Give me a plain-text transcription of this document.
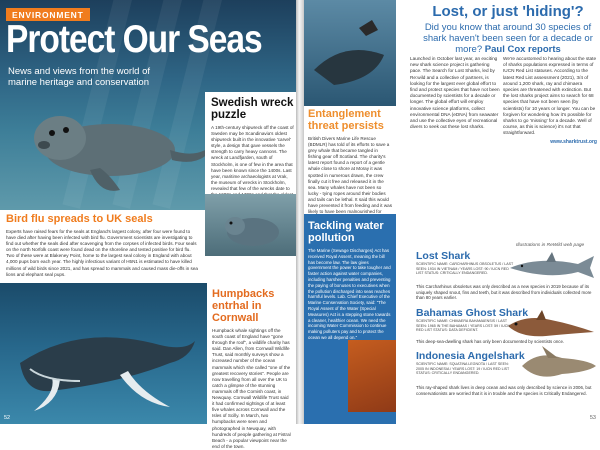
ENVIRONMENT
Protect Our Seas
News and views from the world of marine heritage and conservation
Swedish wreck puzzle
A 19th-century shipwreck off the coast of Sweden may be Scandinavia's oldest shipwreck built in the innovative 'carvel' style, a design that gave vessels the strength to carry heavy cannons. The wreck at Landfjarden, south of Stockholm, is one of few in the area that have been known since the 1400s. Last year, maritime archaeologists at Vrak, the museum of wrecks in Stockholm, revealed that few of the wrecks date to
Bird flu spreads to UK seals
Experts have raised fears for the seals at England's largest colony, after four were found to have died after having been infected with bird flu. Government scientists are investigating to find out whether the seals died after scavenging from the corpses of infected birds. Four seals on the north Norfolk coast were found dead on the shoreline and tested positive for bird flu. Two of these were at Blakeney Point, home to the largest seal colony in England with about 4,000 pups born each year. The highly infectious variant of H5N1 is estimated to have killed millions of wild birds since 2021, and has spread to mammals and caused mass die-offs in sea lions and elephant seal pups.
52
Humpbacks entrhal in Cornwall
Humpback whale sightings off the south coast of England have "gone through the roof", a wildlife charity has said. Dan Allen, from Cornwall Wildlife Trust, said monthly surveys show a increased number of the ocean mammals which she called "one of the greatest recovery stories". People are now travelling from all over the UK to catch a glimpse of the stunning mammals off the Cornish coast, in Newquay. Cornwall Wildlife Trust said it had confirmed sightings of at least five whales across Cornwall and the Isles of Scilly. In March, two humpbacks were seen and photographed in Newquay, with hundreds of people gathering at Fistral Beach - a popular viewpoint near the end of the town.
Entanglement threat persists
British Divers Marine Life Rescue (BDMLR) has told of its efforts to save a grey whale that became tangled in fishing gear off Scotland. The charity's latest report found a report of a gentle whale close to shore at Moray it was spotted in numerous drawn, the crew finally cut it free and released it in the sea. Many whales have not been so lucky - tying ropes around their bodies and tails can be lethal. It said this would have prevented it from feeding and it was likely to have been malnourished for
Tackling water pollution
The Marine (Sewage Discharges) Act has received Royal Assent, meaning the bill has become law. The law gives government the power to take tougher and faster action against water companies, including harsher penalties and preventing the paying of bonuses to executives when the pollution discharged into seas reaches harmful levels. Lab. Chief Executive of the Marine Conservation Society, said: "The Royal Assent of the Water (Special Measures) Act is a stepping stone towards a cleaner, healthier ocean. We need the incoming Water Commission to continue making polluters pay and to protect the ocean we all depend on."
Lost, or just 'hiding'?
Did you know that around 30 species of shark haven't been seen for a decade or more? Paul Cox reports
Launched in October last year, an exciting new shark science project is gathering pace. The Search for Lost Sharks, led by Re:wild and a collective of partners, is looking for the largest ever global effort to find and protect species that have not been documented by scientists for a decade or longer. The global effort will employ innovative science platforms, collect environmental DNA (eDNA) from seawater and use the collective eyes of recreational divers to seek out these lost sharks.
We're accustomed to hearing about the state of sharks populations expressed in terms of IUCN Red List statuses. According to the latest Red List assessment (2021), 3/4 of around 1,200 shark, ray and chimaera species are threatened with extinction. But the lost sharks project aims to search for 68 species that have not been seen (by scientists) for 10 years or longer. You can be forgiven for wondering how it's possible for sharks to go 'missing' for a decade. Well of course, as this is science) it's not that straightforward.
www.sharktrust.org
Illustrations in ReWild web page
Lost Shark
SCIENTIFIC NAME: CARCHARHINUS OBSOLETUS / LAST SEEN: 1934 IN VIETNAM / YEARS LOST: 90 / IUCN RED LIST STATUS: CRITICALLY ENDANGERED.
This Carcharhinus obsoletus was only described as a new species in 2019 because of its uniquely shaped snout, fins and teeth, but it was described from individuals collected more than 80 years earlier.
Bahamas Ghost Shark
SCIENTIFIC NAME: CHIMAERA BAHAMAENSIS / LAST SEEN: 1965 IN THE BAHAMAS / YEARS LOST: 59 / IUCN RED LIST STATUS: DATA DEFICIENT.
This deep-sea-dwelling shark has only been documented by scientists once.
Indonesia Angelshark
SCIENTIFIC NAME: SQUATINA LEGNOTA / LAST SEEN: 2005 IN INDONESIA / YEARS LOST: 19 / IUCN RED LIST STATUS: CRITICALLY ENDANGERED.
This ray-shaped shark lives in deep ocean and was only described by science in 2006, but conservationists are worried that it is in trouble and the species is Critically Endangered.
53
